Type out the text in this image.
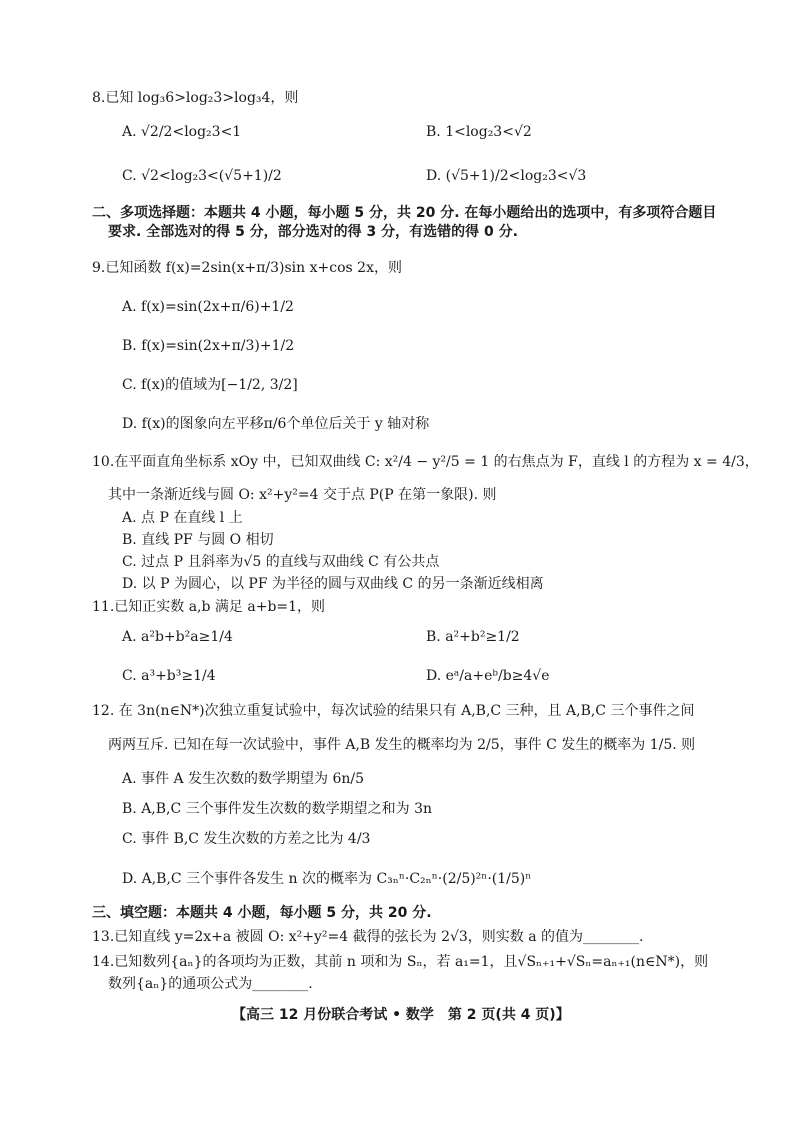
8.已知 log₃6>log₂3>log₃4，则
A. √2/2<log₂3<1	B. 1<log₂3<√2
C. √2<log₂3<(√5+1)/2	D. (√5+1)/2<log₂3<√3
二、多项选择题：本题共 4 小题，每小题 5 分，共 20 分. 在每小题给出的选项中，有多项符合题目
要求. 全部选对的得 5 分，部分选对的得 3 分，有选错的得 0 分.
9.已知函数 f(x)=2sin(x+π/3)sin x+cos 2x，则
A. f(x)=sin(2x+π/6)+1/2
B. f(x)=sin(2x+π/3)+1/2
C. f(x)的值域为[−1/2, 3/2]
D. f(x)的图象向左平移π/6个单位后关于 y 轴对称
10.在平面直角坐标系 xOy 中，已知双曲线 C: x²/4 − y²/5 = 1 的右焦点为 F，直线 l 的方程为 x = 4/3，
其中一条渐近线与圆 O: x²+y²=4 交于点 P(P 在第一象限). 则
A. 点 P 在直线 l 上
B. 直线 PF 与圆 O 相切
C. 过点 P 且斜率为√5 的直线与双曲线 C 有公共点
D. 以 P 为圆心，以 PF 为半径的圆与双曲线 C 的另一条渐近线相离
11.已知正实数 a,b 满足 a+b=1，则
A. a²b+b²a≥1/4	B. a²+b²≥1/2
C. a³+b³≥1/4	D. eᵃ/a+eᵇ/b≥4√e
12. 在 3n(n∈N*)次独立重复试验中，每次试验的结果只有 A,B,C 三种，且 A,B,C 三个事件之间
两两互斥. 已知在每一次试验中，事件 A,B 发生的概率均为 2/5，事件 C 发生的概率为 1/5. 则
A. 事件 A 发生次数的数学期望为 6n/5
B. A,B,C 三个事件发生次数的数学期望之和为 3n
C. 事件 B,C 发生次数的方差之比为 4/3
D. A,B,C 三个事件各发生 n 次的概率为 C₃ₙⁿ·C₂ₙⁿ·(2/5)²ⁿ·(1/5)ⁿ
三、填空题：本题共 4 小题，每小题 5 分，共 20 分.
13.已知直线 y=2x+a 被圆 O: x²+y²=4 截得的弦长为 2√3，则实数 a 的值为________.
14.已知数列{aₙ}的各项均为正数，其前 n 项和为 Sₙ，若 a₁=1，且√Sₙ₊₁+√Sₙ=aₙ₊₁(n∈N*)，则
数列{aₙ}的通项公式为________.
【高三 12 月份联合考试 • 数学　第 2 页(共 4 页)】
